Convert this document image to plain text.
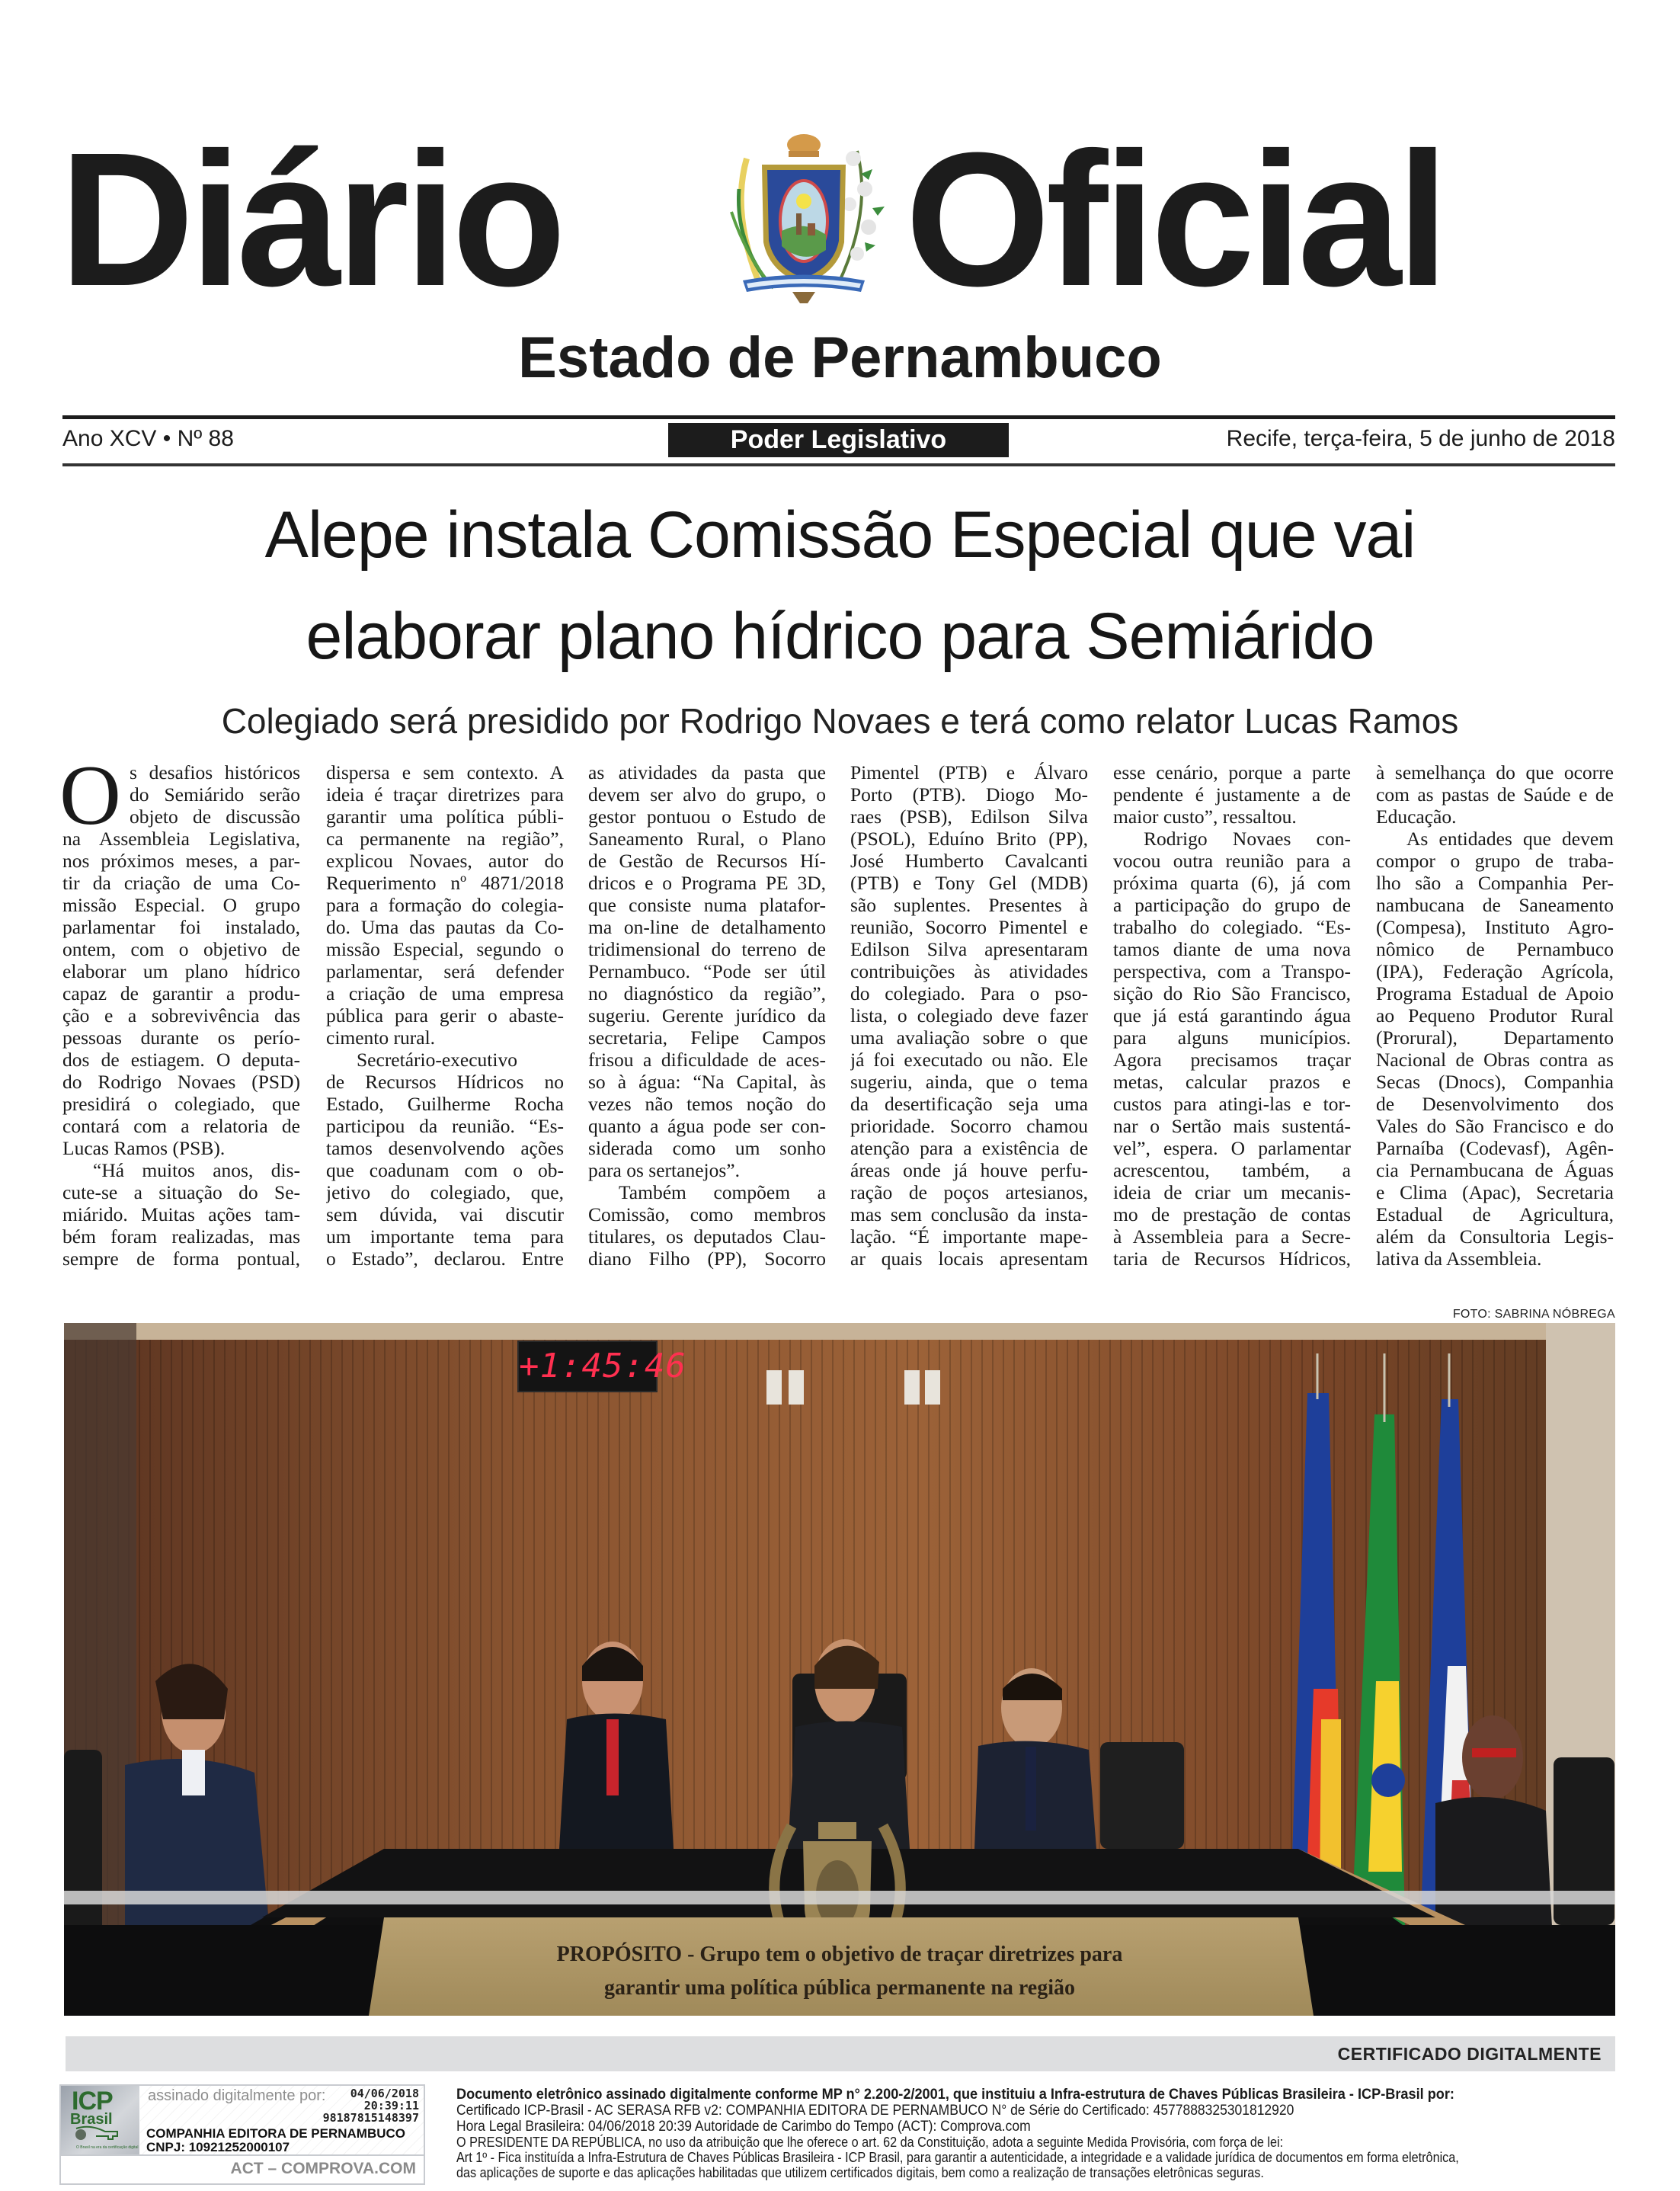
Diário Oficial
Estado de Pernambuco
Ano XCV • Nº 88	Poder Legislativo	Recife, terça-feira, 5 de junho de 2018
Alepe instala Comissão Especial que vai
elaborar plano hídrico para Semiárido
Colegiado será presidido por Rodrigo Novaes e terá como relator Lucas Ramos
O s desafios históricos
do Semiárido serão
objeto de discussão
na Assembleia Legislativa,
nos próximos meses, a par-
tir da criação de uma Co-
missão Especial. O grupo
parlamentar foi instalado,
ontem, com o objetivo de
elaborar um plano hídrico
capaz de garantir a produ-
ção e a sobrevivência das
pessoas durante os perío-
dos de estiagem. O deputa-
do Rodrigo Novaes (PSD)
presidirá o colegiado, que
contará com a relatoria de
Lucas Ramos (PSB).
“Há muitos anos, dis-
cute-se a situação do Se-
miárido. Muitas ações tam-
bém foram realizadas, mas
sempre de forma pontual,
dispersa e sem contexto. A
ideia é traçar diretrizes para
garantir uma política públi-
ca permanente na região”,
explicou Novaes, autor do
Requerimento nº 4871/2018
para a formação do colegia-
do. Uma das pautas da Co-
missão Especial, segundo o
parlamentar, será defender
a criação de uma empresa
pública para gerir o abaste-
cimento rural.
Secretário-executivo
de Recursos Hídricos no
Estado, Guilherme Rocha
participou da reunião. “Es-
tamos desenvolvendo ações
que coadunam com o ob-
jetivo do colegiado, que,
sem dúvida, vai discutir
um importante tema para
o Estado”, declarou. Entre
as atividades da pasta que
devem ser alvo do grupo, o
gestor pontuou o Estudo de
Saneamento Rural, o Plano
de Gestão de Recursos Hí-
dricos e o Programa PE 3D,
que consiste numa platafor-
ma on-line de detalhamento
tridimensional do terreno de
Pernambuco. “Pode ser útil
no diagnóstico da região”,
sugeriu. Gerente jurídico da
secretaria, Felipe Campos
frisou a dificuldade de aces-
so à água: “Na Capital, às
vezes não temos noção do
quanto a água pode ser con-
siderada como um sonho
para os sertanejos”.
Também compõem a
Comissão, como membros
titulares, os deputados Clau-
diano Filho (PP), Socorro
Pimentel (PTB) e Álvaro
Porto (PTB). Diogo Mo-
raes (PSB), Edilson Silva
(PSOL), Eduíno Brito (PP),
José Humberto Cavalcanti
(PTB) e Tony Gel (MDB)
são suplentes. Presentes à
reunião, Socorro Pimentel e
Edilson Silva apresentaram
contribuições às atividades
do colegiado. Para o pso-
lista, o colegiado deve fazer
uma avaliação sobre o que
já foi executado ou não. Ele
sugeriu, ainda, que o tema
da desertificação seja uma
prioridade. Socorro chamou
atenção para a existência de
áreas onde já houve perfu-
ração de poços artesianos,
mas sem conclusão da insta-
lação. “É importante mape-
ar quais locais apresentam
esse cenário, porque a parte
pendente é justamente a de
maior custo”, ressaltou.
Rodrigo Novaes con-
vocou outra reunião para a
próxima quarta (6), já com
a participação do grupo de
trabalho do colegiado. “Es-
tamos diante de uma nova
perspectiva, com a Transpo-
sição do Rio São Francisco,
que já está garantindo água
para alguns municípios.
Agora precisamos traçar
metas, calcular prazos e
custos para atingi-las e tor-
nar o Sertão mais sustentá-
vel”, espera. O parlamentar
acrescentou, também, a
ideia de criar um mecanis-
mo de prestação de contas
à Assembleia para a Secre-
taria de Recursos Hídricos,
à semelhança do que ocorre
com as pastas de Saúde e de
Educação.
As entidades que devem
compor o grupo de traba-
lho são a Companhia Per-
nambucana de Saneamento
(Compesa), Instituto Agro-
nômico de Pernambuco
(IPA), Federação Agrícola,
Programa Estadual de Apoio
ao Pequeno Produtor Rural
(Prorural), Departamento
Nacional de Obras contra as
Secas (Dnocs), Companhia
de Desenvolvimento dos
Vales do São Francisco e do
Parnaíba (Codevasf), Agên-
cia Pernambucana de Águas
e Clima (Apac), Secretaria
Estadual de Agricultura,
além da Consultoria Legis-
lativa da Assembleia.
FOTO: SABRINA NÓBREGA
+1:45:46
PROPÓSITO - Grupo tem o objetivo de traçar diretrizes para
garantir uma política pública permanente na região
CERTIFICADO DIGITALMENTE
ICP
Brasil
O Brasil na era da certificação digital
assinado digitalmente por:	04/06/2018
20:39:11
98187815148397
COMPANHIA EDITORA DE PERNAMBUCO
CNPJ: 10921252000107
ACT – COMPROVA.COM
Documento eletrônico assinado digitalmente conforme MP n° 2.200-2/2001, que instituiu a Infra-estrutura de Chaves Públicas Brasileira - ICP-Brasil por:
Certificado ICP-Brasil - AC SERASA RFB v2: COMPANHIA EDITORA DE PERNAMBUCO N° de Série do Certificado: 4577888325301812920
Hora Legal Brasileira: 04/06/2018 20:39 Autoridade de Carimbo do Tempo (ACT): Comprova.com
O PRESIDENTE DA REPÚBLICA, no uso da atribuição que lhe oferece o art. 62 da Constituição, adota a seguinte Medida Provisória, com força de lei:
Art 1º - Fica instituída a Infra-Estrutura de Chaves Públicas Brasileira - ICP Brasil, para garantir a autenticidade, a integridade e a validade jurídica de documentos em forma eletrônica,
das aplicações de suporte e das aplicações habilitadas que utilizem certificados digitais, bem como a realização de transações eletrônicas seguras.
